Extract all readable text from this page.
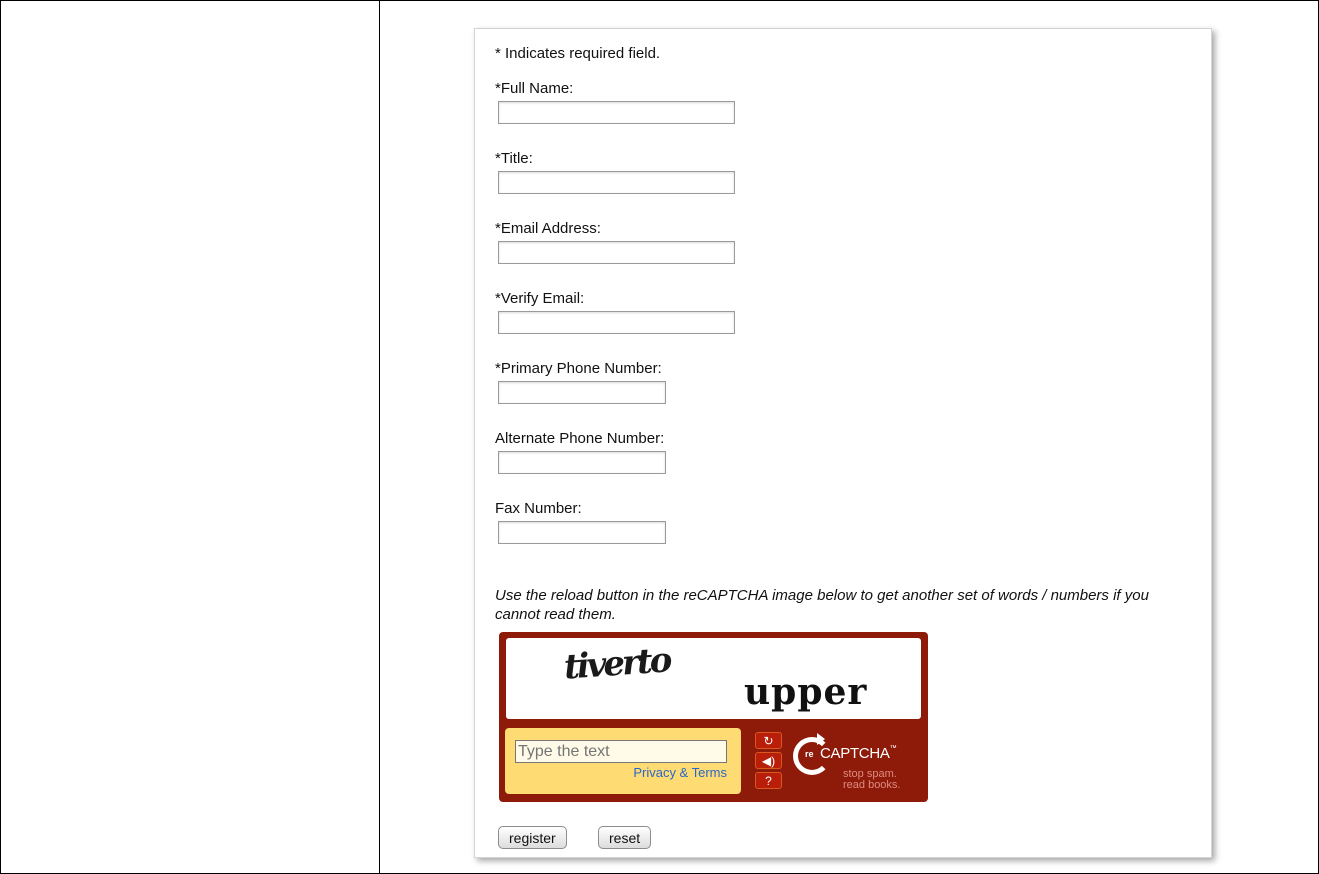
* Indicates required field.
*Full Name:
*Title:
*Email Address:
*Verify Email:
*Primary Phone Number:
Alternate Phone Number:
Fax Number:
Use the reload button in the reCAPTCHA image below to get another set of words / numbers if you cannot read them.
tiverto
upper
Type the text
Privacy & Terms
↻
◀)
?
re CAPTCHA™
stop spam.
read books.
register	reset
